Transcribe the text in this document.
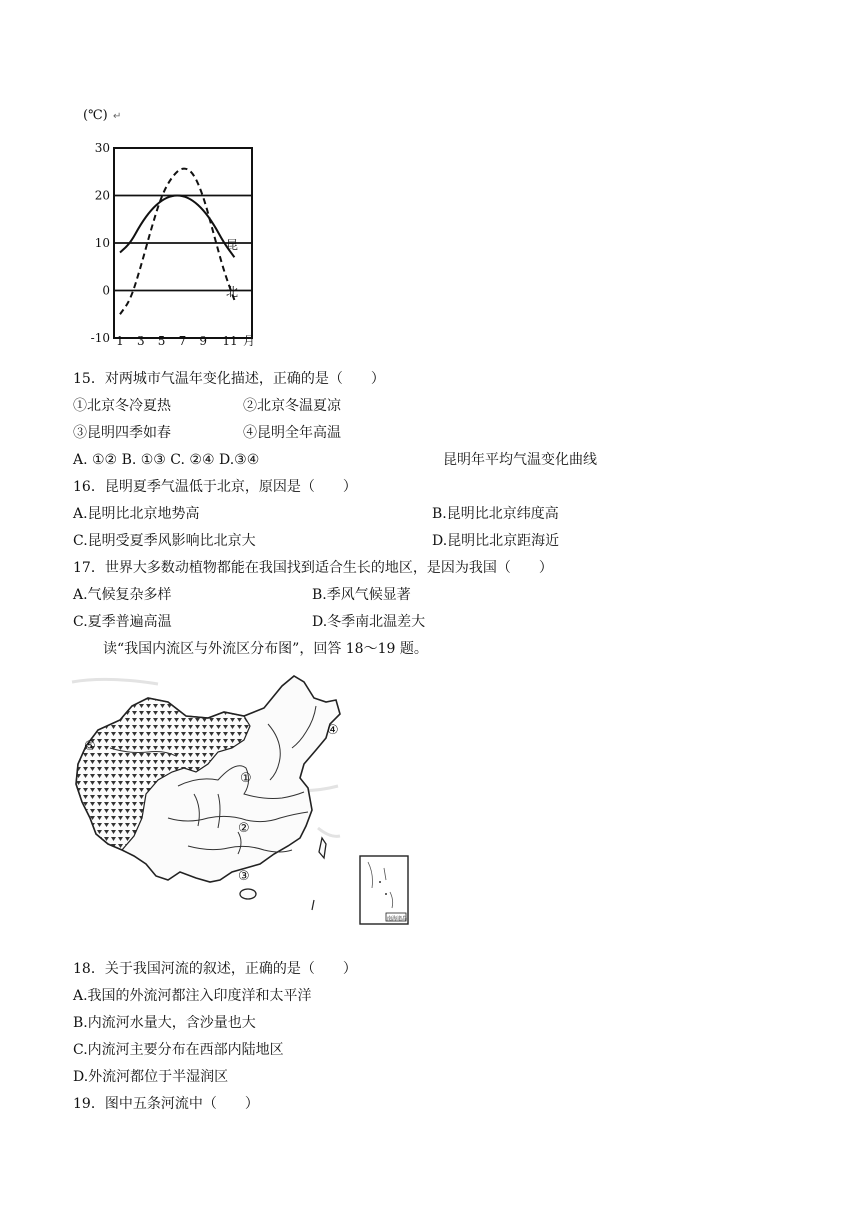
(℃) ↵
30
20
10
0
-10 1 3 5 7 9 11 月
昆
北
15．对两城市气温年变化描述，正确的是（　　）
①北京冬冷夏热	②北京冬温夏凉
③昆明四季如春	④昆明全年高温
A. ①② B. ①③ C. ②④ D.③④	昆明年平均气温变化曲线
16．昆明夏季气温低于北京，原因是（　　）
A.昆明比北京地势高	B.昆明比北京纬度高
C.昆明受夏季风影响比北京大	D.昆明比北京距海近
17．世界大多数动植物都能在我国找到适合生长的地区，是因为我国（　　）
A.气候复杂多样	B.季风气候显著
C.夏季普遍高温	D.冬季南北温差大
读“我国内流区与外流区分布图”，回答 18～19 题。
①
②
③
④
⑤
南海诸岛
18．关于我国河流的叙述，正确的是（　　）
A.我国的外流河都注入印度洋和太平洋
B.内流河水量大，含沙量也大
C.内流河主要分布在西部内陆地区
D.外流河都位于半湿润区
19．图中五条河流中（　　）
